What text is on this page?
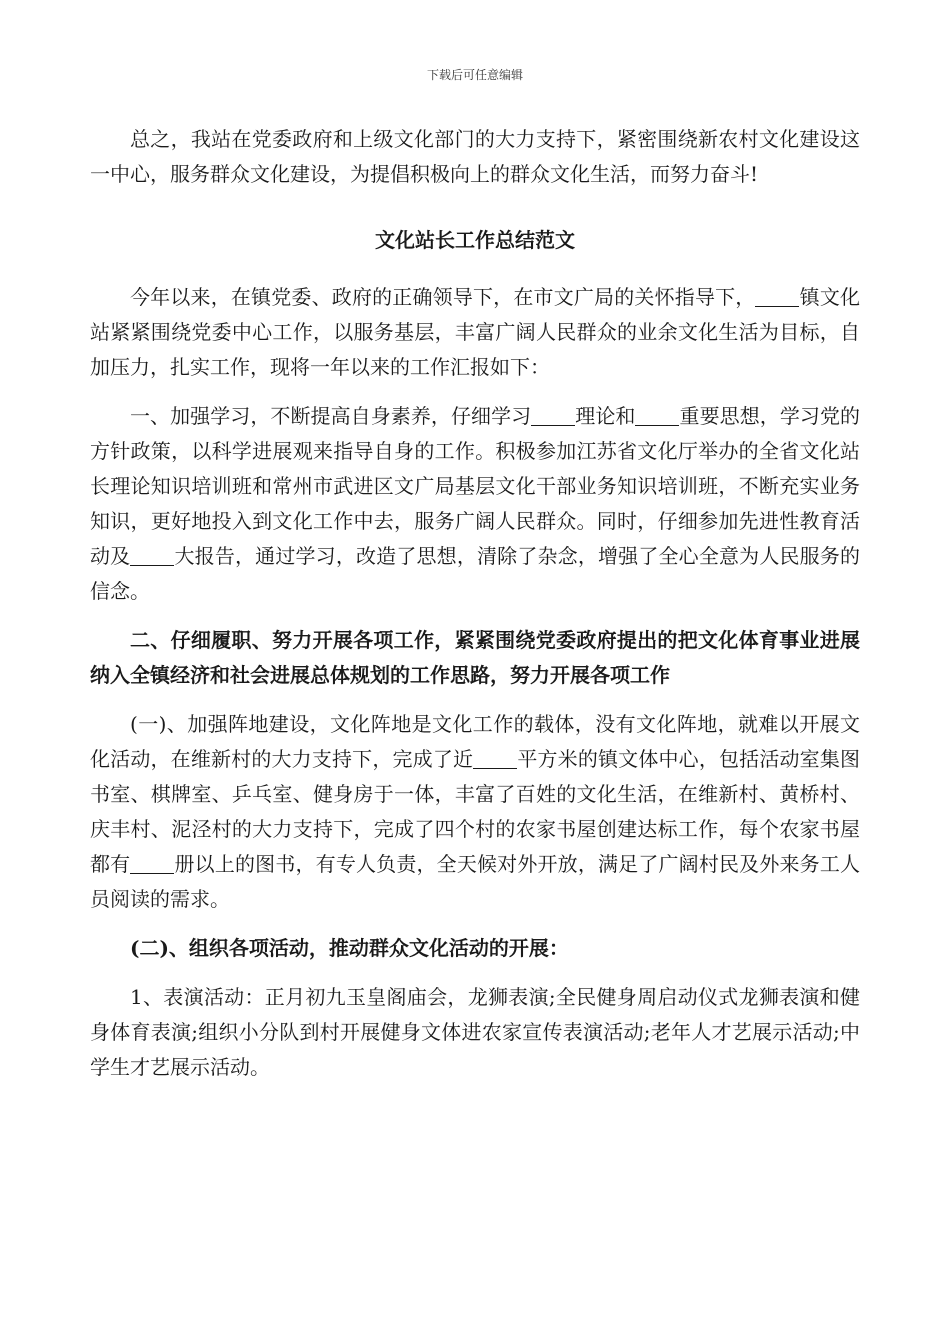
下载后可任意编辑

总之，我站在党委政府和上级文化部门的大力支持下，紧密围绕新农村文化建设这一中心，服务群众文化建设，为提倡积极向上的群众文化生活，而努力奋斗!

文化站长工作总结范文

今年以来，在镇党委、政府的正确领导下，在市文广局的关怀指导下， 镇文化站紧紧围绕党委中心工作，以服务基层，丰富广阔人民群众的业余文化生活为目标，自加压力，扎实工作，现将一年以来的工作汇报如下：

一、加强学习，不断提高自身素养，仔细学习 理论和 重要思想，学习党的方针政策，以科学进展观来指导自身的工作。积极参加江苏省文化厅举办的全省文化站长理论知识培训班和常州市武进区文广局基层文化干部业务知识培训班，不断充实业务知识，更好地投入到文化工作中去，服务广阔人民群众。同时，仔细参加先进性教育活动及 大报告，通过学习，改造了思想，清除了杂念，增强了全心全意为人民服务的信念。

二、仔细履职、努力开展各项工作，紧紧围绕党委政府提出的把文化体育事业进展纳入全镇经济和社会进展总体规划的工作思路，努力开展各项工作

(一)、加强阵地建设，文化阵地是文化工作的载体，没有文化阵地，就难以开展文化活动，在维新村的大力支持下，完成了近 平方米的镇文体中心，包括活动室集图书室、棋牌室、乒乓室、健身房于一体，丰富了百姓的文化生活，在维新村、黄桥村、庆丰村、泥泾村的大力支持下，完成了四个村的农家书屋创建达标工作，每个农家书屋都有 册以上的图书，有专人负责，全天候对外开放，满足了广阔村民及外来务工人员阅读的需求。

(二)、组织各项活动，推动群众文化活动的开展：

1、表演活动：正月初九玉皇阁庙会，龙狮表演;全民健身周启动仪式龙狮表演和健身体育表演;组织小分队到村开展健身文体进农家宣传表演活动;老年人才艺展示活动;中学生才艺展示活动。
